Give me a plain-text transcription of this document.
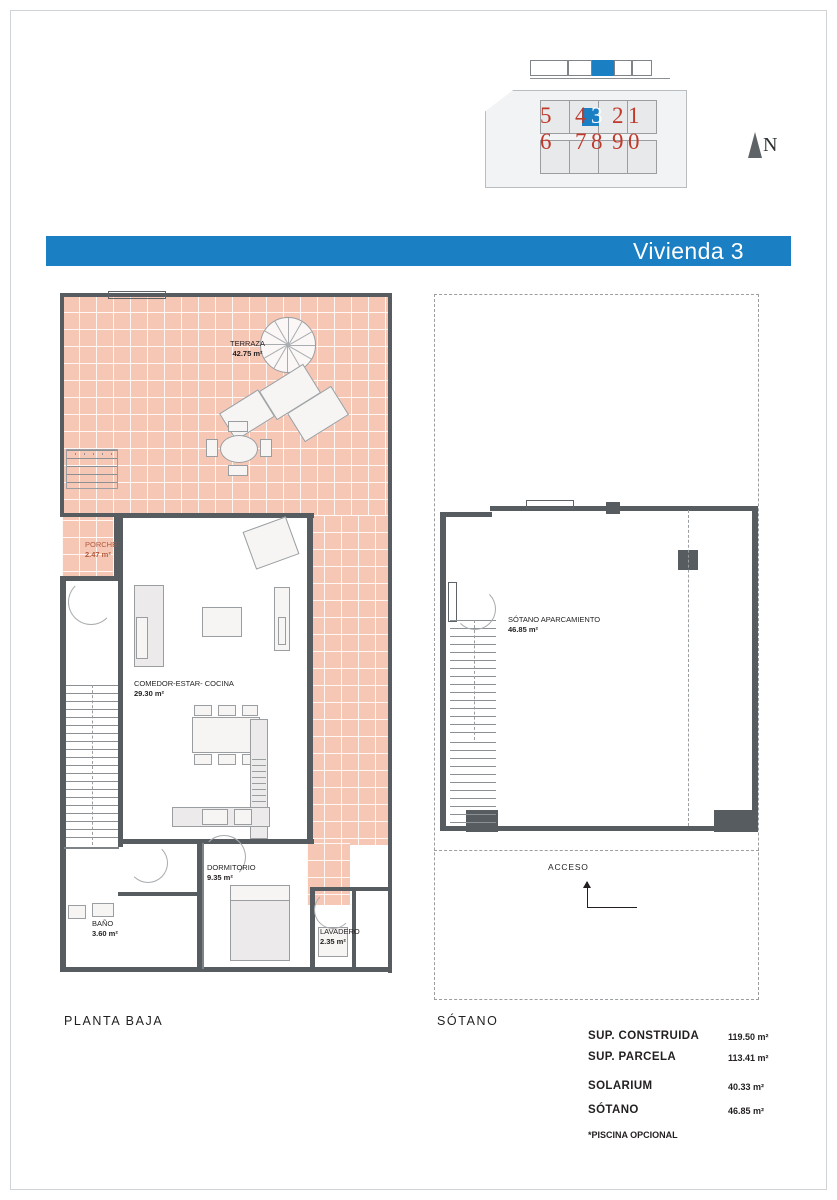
5 4 3 2 1
6 7 8 9 0	N
Vivienda 3
TERRAZA
42.75 m²
PORCHE
2.47 m²
COMEDOR-ESTAR- COCINA
29.30 m²
DORMITORIO
9.35 m²
BAÑO
3.60 m²	LAVADERO
2.35 m²
PLANTA BAJA
SÓTANO APARCAMIENTO
46.85 m²
ACCESO
SÓTANO
SUP. CONSTRUIDA	119.50 m²
SUP. PARCELA	113.41 m²
SOLARIUM	40.33 m²
SÓTANO	46.85 m²
*PISCINA OPCIONAL
